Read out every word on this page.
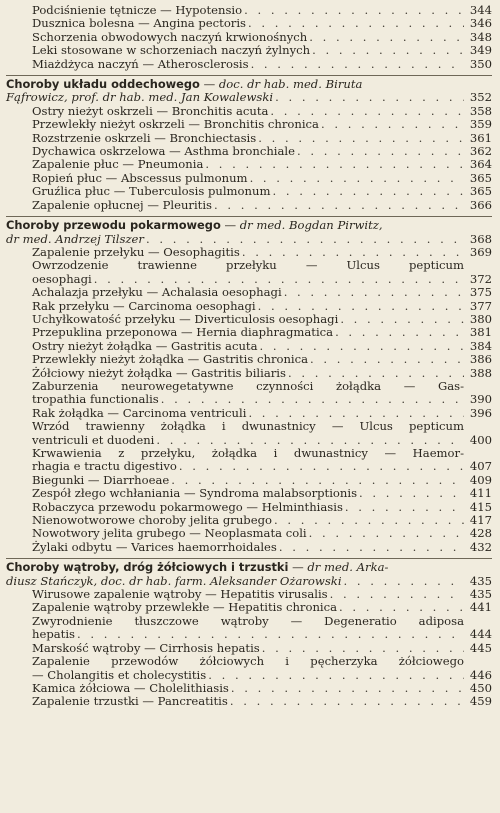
Podciśnienie tętnicze — Hypotensio . . .	344
Dusznica bolesna — Angina pectoris . . .	346
Schorzenia obwodowych naczyń krwionośnych . . .	348
Leki stosowane w schorzeniach naczyń żylnych . . .	349
Miażdżyca naczyń — Atherosclerosis . . .	350
Choroby układu oddechowego — doc. dr hab. med. Biruta
Fąfrowicz, prof. dr hab. med. Jan Kowalewski . . .	352
Ostry nieżyt oskrzeli — Bronchitis acuta . . .	358
Przewlekły nieżyt oskrzeli — Bronchitis chronica . . .	359
Rozstrzenie oskrzeli — Bronchiectasis . . .	361
Dychawica oskrzelowa — Asthma bronchiale . . .	362
Zapalenie płuc — Pneumonia . . .	364
Ropień płuc — Abscessus pulmonum . . .	365
Gruźlica płuc — Tuberculosis pulmonum . . .	365
Zapalenie opłucnej — Pleuritis . . .	366
Choroby przewodu pokarmowego — dr med. Bogdan Pirwitz,
dr med. Andrzej Tilszer . . .	368
Zapalenie przełyku — Oesophagitis . . .	369
Owrzodzenie trawienne przełyku — Ulcus pepticum
oesophagi . . .	372
Achalazja przełyku — Achalasia oesophagi . . .	375
Rak przełyku — Carcinoma oesophagi . . .	377
Uchyłkowatość przełyku — Diverticulosis oesophagi . . .	380
Przepuklina przeponowa — Hernia diaphragmatica . . .	381
Ostry nieżyt żołądka — Gastritis acuta . . .	384
Przewlekły nieżyt żołądka — Gastritis chronica . . .	386
Żółciowy nieżyt żołądka — Gastritis biliaris . . .	388
Zaburzenia neurowegetatywne czynności żołądka — Gas-
tropathia functionalis . . .	390
Rak żołądka — Carcinoma ventriculi . . .	396
Wrzód trawienny żołądka i dwunastnicy — Ulcus pepticum
ventriculi et duodeni . . .	400
Krwawienia z przełyku, żołądka i dwunastnicy — Haemor-
rhagia e tractu digestivo . . .	407
Biegunki — Diarrhoeae . . .	409
Zespół złego wchłaniania — Syndroma malabsorptionis . . .	411
Robaczyca przewodu pokarmowego — Helminthiasis . . .	415
Nienowotworowe choroby jelita grubego . . .	417
Nowotwory jelita grubego — Neoplasmata coli . . .	428
Żylaki odbytu — Varices haemorrhoidales . . .	432
Choroby wątroby, dróg żółciowych i trzustki — dr med. Arka-
diusz Stańczyk, doc. dr hab. farm. Aleksander Ożarowski . . .	435
Wirusowe zapalenie wątroby — Hepatitis virusalis . . .	435
Zapalenie wątroby przewlekłe — Hepatitis chronica . . .	441
Zwyrodnienie tłuszczowe wątroby — Degeneratio adiposa
hepatis . . .	444
Marskość wątroby — Cirrhosis hepatis . . .	445
Zapalenie przewodów żółciowych i pęcherzyka żółciowego
— Cholangitis et cholecystitis . . .	446
Kamica żółciowa — Cholelithiasis . . .	450
Zapalenie trzustki — Pancreatitis . . .	459
